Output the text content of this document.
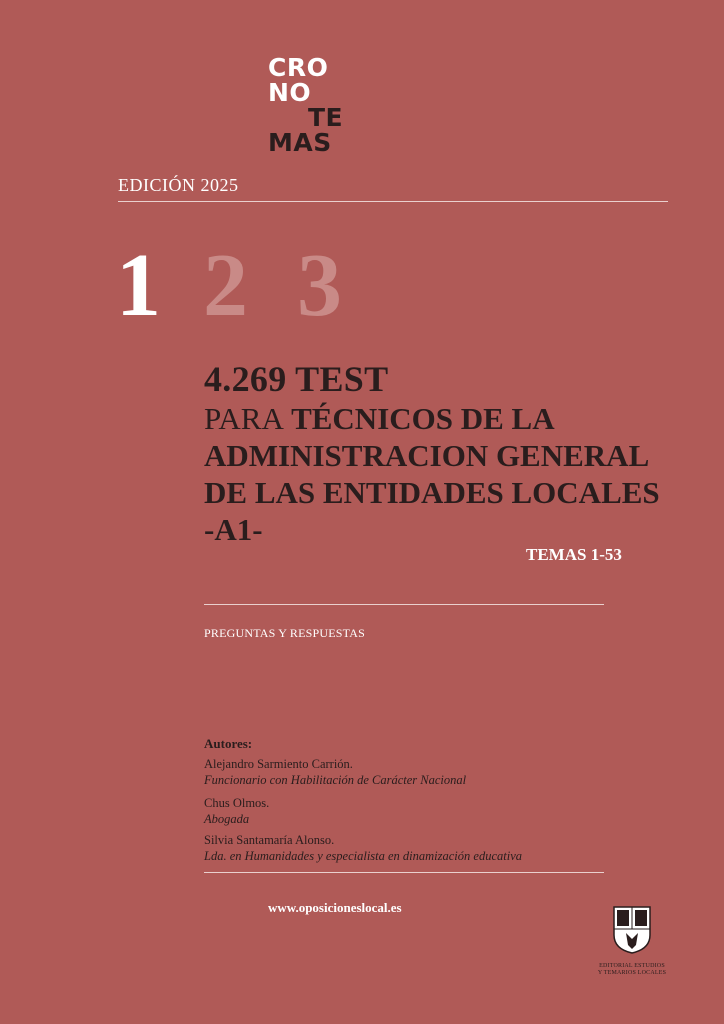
CRO
NO
TE
MAS
EDICIÓN 2025
1 2 3
4.269 TEST
PARA TÉCNICOS DE LA
ADMINISTRACION GENERAL
DE LAS ENTIDADES LOCALES
-A1-
TEMAS 1-53
PREGUNTAS Y RESPUESTAS
Autores:
Alejandro Sarmiento Carrión.
Funcionario con Habilitación de Carácter Nacional
Chus Olmos.
Abogada
Silvia Santamaría Alonso.
Lda. en Humanidades y especialista en dinamización educativa
www.oposicioneslocal.es
EDITORIAL ESTUDIOS
Y TEMARIOS LOCALES
